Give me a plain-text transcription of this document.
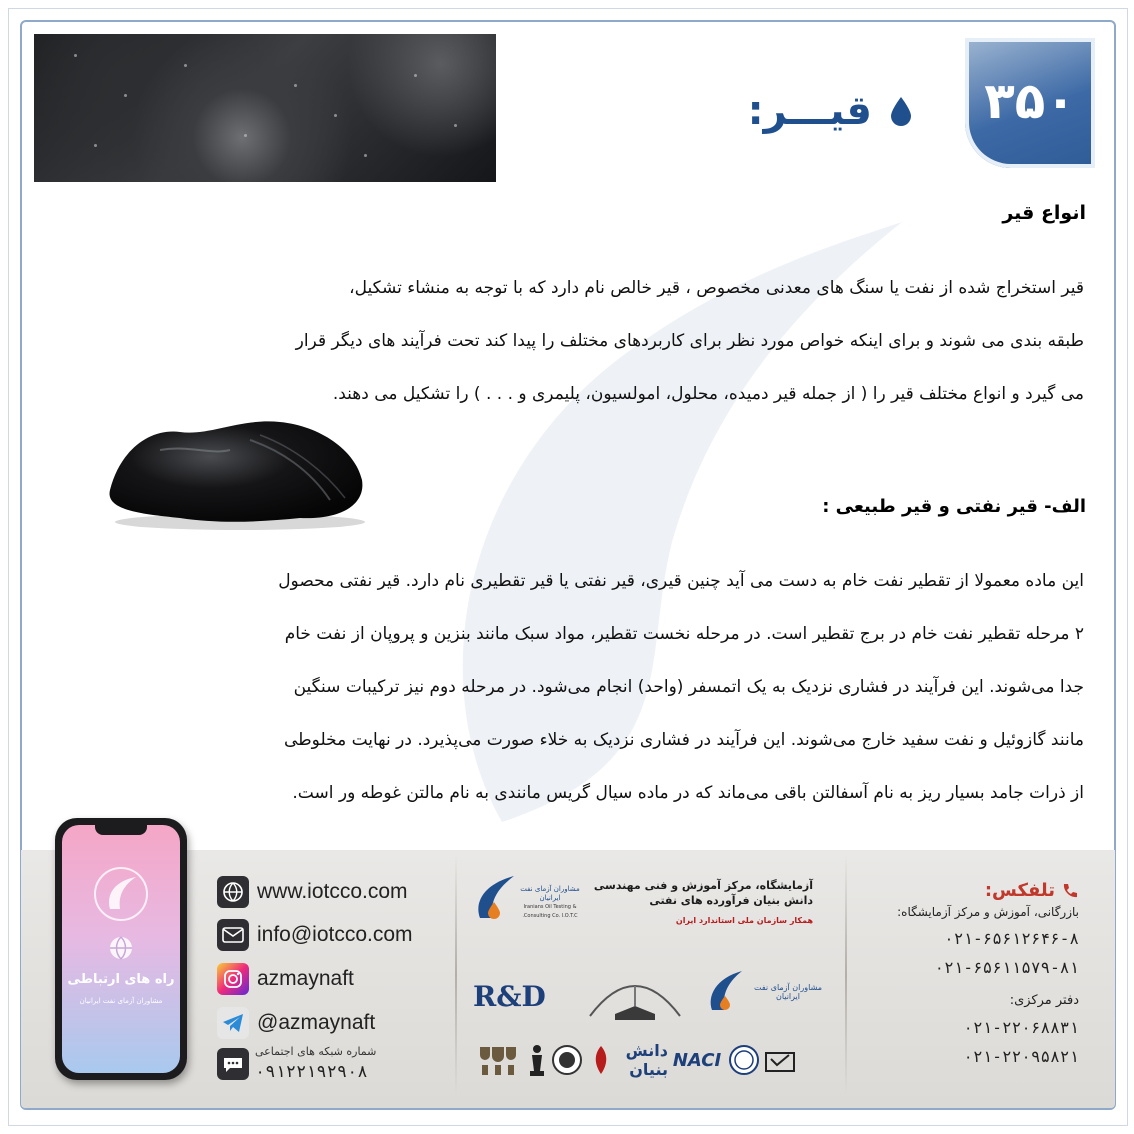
۳۵۰
قیـــر:
انواع قیر

قیر استخراج شده از نفت یا سنگ های معدنی مخصوص ، قیر خالص نام دارد که با توجه به منشاء تشکیل،

طبقه بندی می شوند و برای اینکه خواص مورد نظر برای کاربردهای مختلف را پیدا کند تحت فرآیند های دیگر قرار

می گیرد و انواع مختلف قیر را ( از جمله قیر دمیده، محلول، امولسیون، پلیمری و . . . ) را تشکیل می دهند.

الف- قیر نفتی و قیر طبیعی :

این ماده معمولا از تقطیر نفت خام به دست می آید چنین قیری، قیر نفتی یا قیر تقطیری نام دارد. قیر نفتی محصول

۲ مرحله تقطیر نفت خام در برج تقطیر است. در مرحله نخست تقطیر، مواد سبک مانند بنزین و پروپان از نفت خام

جدا می‌شوند. این فرآیند در فشاری نزدیک به یک اتمسفر (واحد) انجام می‌شود. در مرحله دوم نیز ترکیبات سنگین

مانند گازوئیل و نفت سفید خارج می‌شوند. این فرآیند در فشاری نزدیک به خلاء صورت می‌پذیرد. در نهایت مخلوطی

از ذرات جامد بسیار ریز به نام آسفالتن باقی می‌ماند که در ماده سیال گریس مانندی به نام مالتن غوطه ور است.

راه های ارتباطی
مشاوران آزمای نفت ایرانیان
www.iotcco.com
info@iotcco.com
azmaynaft
@azmaynaft
شماره شبکه های اجتماعی
۰۹۱۲۲۱۹۲۹۰۸
مشاوران آزمای نفت ایرانیان
Iranians Oil Testing & Consulting Co. I.O.T.C.
آزمایشگاه، مرکز آموزش و فنی مهندسی دانش بنیان فرآورده های نفتی
همکار سازمان ملی استاندارد ایران
R&D	مشاوران آزمای نفت ایرانیان
دانش بنیان NACI
تلفکس:
بازرگانی، آموزش و مرکز آزمایشگاه:
۰۲۱-۶۵۶۱۲۶۴۶-۸
۰۲۱-۶۵۶۱۱۵۷۹-۸۱
دفتر مرکزی:
۰۲۱-۲۲۰۶۸۸۳۱
۰۲۱-۲۲۰۹۵۸۲۱
